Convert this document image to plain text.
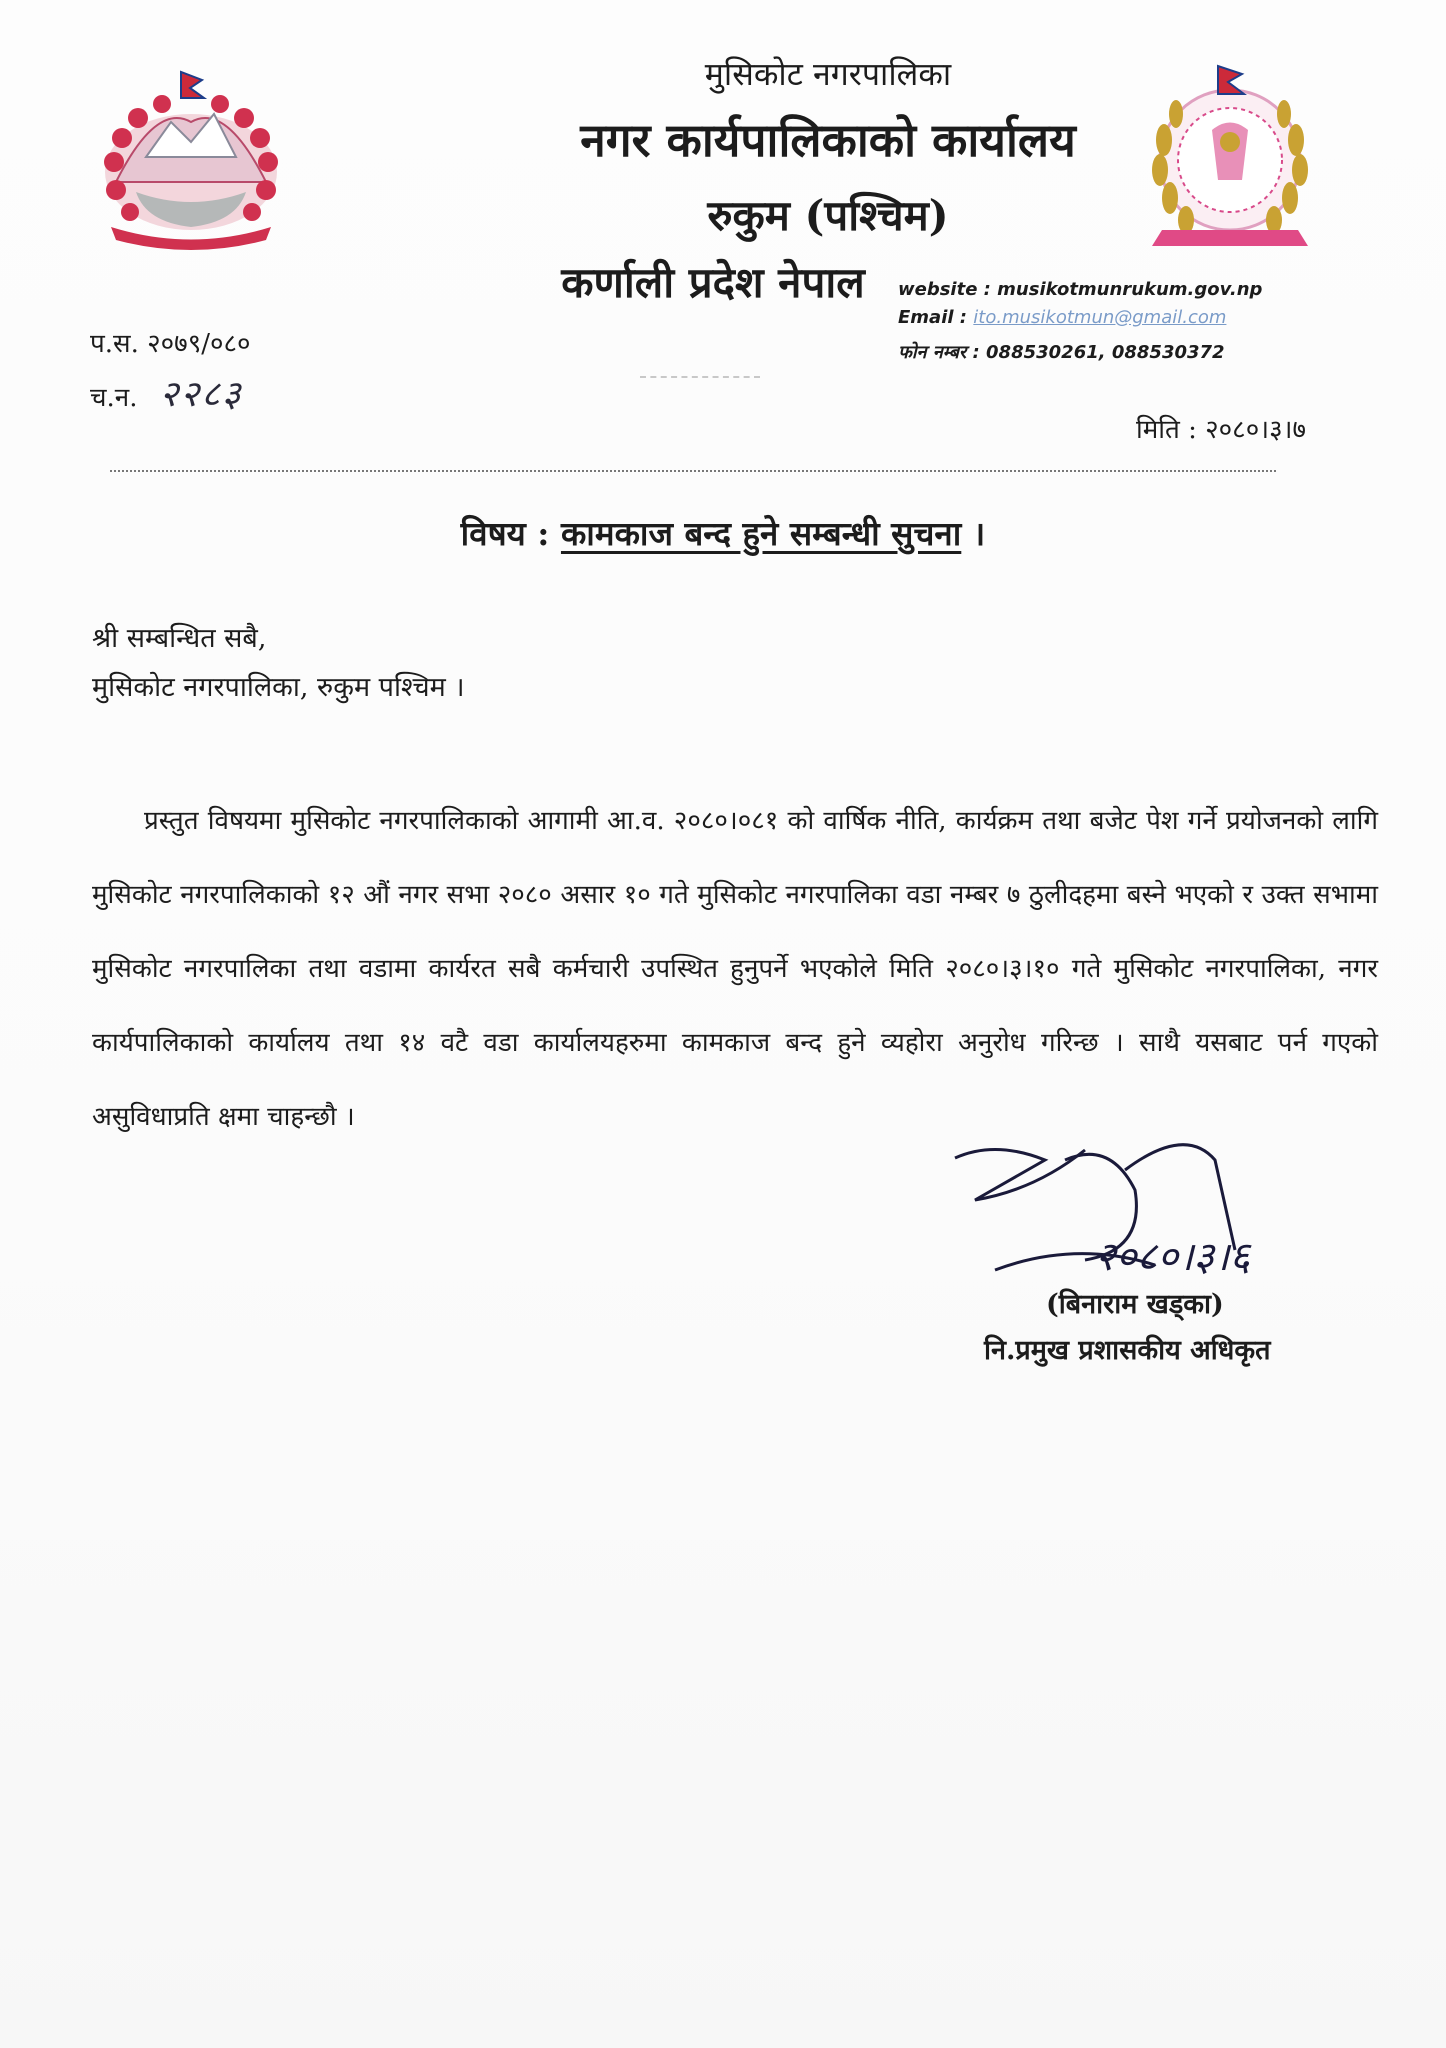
मुसिकोट नगरपालिका
नगर कार्यपालिकाको कार्यालय
रुकुम (पश्चिम)
कर्णाली प्रदेश नेपाल	website : musikotmunrukum.gov.np
Email : ito.musikotmun@gmail.com
फोन नम्बर : 088530261, 088530372
प.स. २०७९/०८०
च.न. २२८३
मिति : २०८०।३।७
विषय : कामकाज बन्द हुने सम्बन्धी सुचना ।
श्री सम्बन्धित सबै,
मुसिकोट नगरपालिका, रुकुम पश्चिम ।
प्रस्तुत विषयमा मुसिकोट नगरपालिकाको आगामी आ.व. २०८०।०८१ को वार्षिक नीति, कार्यक्रम तथा बजेट पेश गर्ने प्रयोजनको लागि मुसिकोट नगरपालिकाको १२ औं नगर सभा २०८० असार १० गते मुसिकोट नगरपालिका वडा नम्बर ७ ठुलीदहमा बस्ने भएको र उक्त सभामा मुसिकोट नगरपालिका तथा वडामा कार्यरत सबै कर्मचारी उपस्थित हुनुपर्ने भएकोले मिति २०८०।३।१० गते मुसिकोट नगरपालिका, नगर कार्यपालिकाको कार्यालय तथा १४ वटै वडा कार्यालयहरुमा कामकाज बन्द हुने व्यहोरा अनुरोध गरिन्छ । साथै यसबाट पर्न गएको असुविधाप्रति क्षमा चाहन्छौ ।
२०८०।३।६
(बिनाराम खड्का)
नि.प्रमुख प्रशासकीय अधिकृत
